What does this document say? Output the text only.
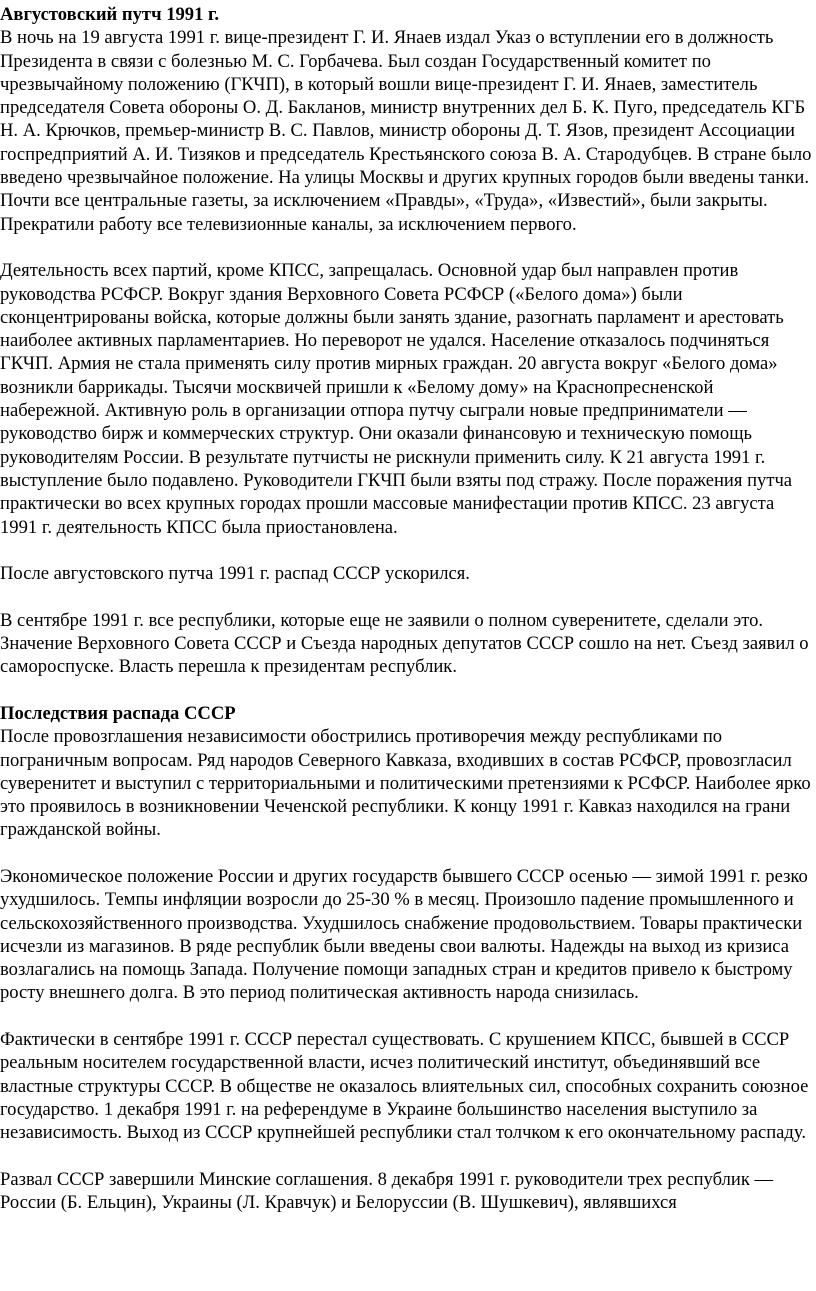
Августовский путч 1991 г.

В ночь на 19 августа 1991 г. вице-президент Г. И. Янаев издал Указ о вступлении его в должность Президента в связи с болезнью М. С. Горбачева. Был создан Государственный комитет по чрезвычайному положению (ГКЧП), в который вошли вице-президент Г. И. Янаев, заместитель председателя Совета обороны О. Д. Бакланов, министр внутренних дел Б. К. Пуго, председатель КГБ Н. А. Крючков, премьер-министр В. С. Павлов, министр обороны Д. Т. Язов, президент Ассоциации госпредприятий А. И. Тизяков и председатель Крестьянского союза В. А. Стародубцев. В стране было введено чрезвычайное положение. На улицы Москвы и других крупных городов были введены танки. Почти все центральные газеты, за исключением «Правды», «Труда», «Известий», были закрыты. Прекратили работу все телевизионные каналы, за исключением первого.

Деятельность всех партий, кроме КПСС, запрещалась. Основной удар был направлен против руководства РСФСР. Вокруг здания Верховного Совета РСФСР («Белого дома») были сконцентрированы войска, которые должны были занять здание, разогнать парламент и арестовать наиболее активных парламентариев. Но переворот не удался. Население отказалось подчиняться ГКЧП. Армия не стала применять силу против мирных граждан. 20 августа вокруг «Белого дома» возникли баррикады. Тысячи москвичей пришли к «Белому дому» на Краснопресненской набережной. Активную роль в организации отпора путчу сыграли новые предприниматели — руководство бирж и коммерческих структур. Они оказали финансовую и техническую помощь руководителям России. В результате путчисты не рискнули применить силу. К 21 августа 1991 г. выступление было подавлено. Руководители ГКЧП были взяты под стражу. После поражения путча практически во всех крупных городах прошли массовые манифестации против КПСС. 23 августа 1991 г. деятельность КПСС была приостановлена.

После августовского путча 1991 г. распад СССР ускорился.

В сентябре 1991 г. все республики, которые еще не заявили о полном суверенитете, сделали это. Значение Верховного Совета СССР и Съезда народных депутатов СССР сошло на нет. Съезд заявил о самороспуске. Власть перешла к президентам республик.

Последствия распада СССР

После провозглашения независимости обострились противоречия между республиками по пограничным вопросам. Ряд народов Северного Кавказа, входивших в состав РСФСР, провозгласил суверенитет и выступил с территориальными и политическими претензиями к РСФСР. Наиболее ярко это проявилось в возникновении Чеченской республики. К концу 1991 г. Кавказ находился на грани гражданской войны.

Экономическое положение России и других государств бывшего СССР осенью — зимой 1991 г. резко ухудшилось. Темпы инфляции возросли до 25-30 % в месяц. Произошло падение промышленного и сельскохозяйственного производства. Ухудшилось снабжение продовольствием. Товары практически исчезли из магазинов. В ряде республик были введены свои валюты. Надежды на выход из кризиса возлагались на помощь Запада. Получение помощи западных стран и кредитов привело к быстрому росту внешнего долга. В это период политическая активность народа снизилась.

Фактически в сентябре 1991 г. СССР перестал существовать. С крушением КПСС, бывшей в СССР реальным носителем государственной власти, исчез политический институт, объединявший все властные структуры СССР. В обществе не оказалось влиятельных сил, способных сохранить союзное государство. 1 декабря 1991 г. на референдуме в Украине большинство населения выступило за независимость. Выход из СССР крупнейшей республики стал толчком к его окончательному распаду.

Развал СССР завершили Минские соглашения. 8 декабря 1991 г. руководители трех республик — России (Б. Ельцин), Украины (Л. Кравчук) и Белоруссии (В. Шушкевич), являвшихся
